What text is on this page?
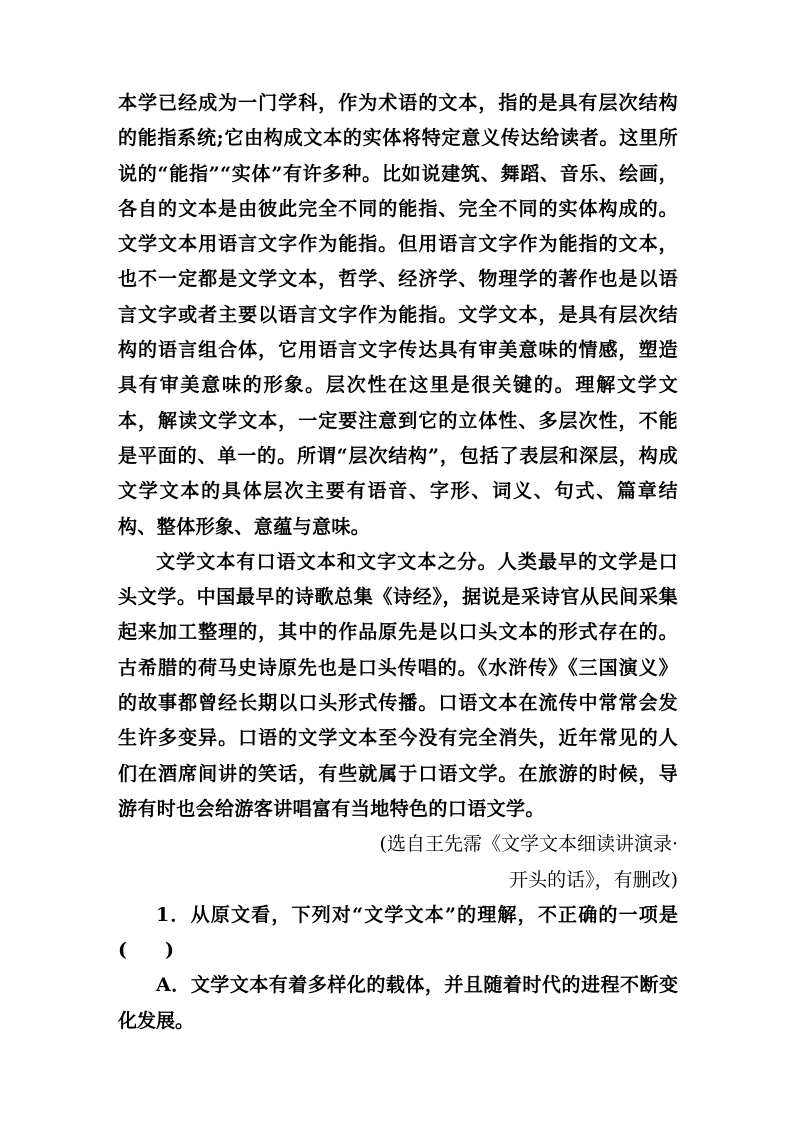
本学已经成为一门学科，作为术语的文本，指的是具有层次结构的能指系统;它由构成文本的实体将特定意义传达给读者。这里所说的“能指”“实体”有许多种。比如说建筑、舞蹈、音乐、绘画，各自的文本是由彼此完全不同的能指、完全不同的实体构成的。文学文本用语言文字作为能指。但用语言文字作为能指的文本，也不一定都是文学文本，哲学、经济学、物理学的著作也是以语言文字或者主要以语言文字作为能指。文学文本，是具有层次结构的语言组合体，它用语言文字传达具有审美意味的情感，塑造具有审美意味的形象。层次性在这里是很关键的。理解文学文本，解读文学文本，一定要注意到它的立体性、多层次性，不能是平面的、单一的。所谓“层次结构”，包括了表层和深层，构成文学文本的具体层次主要有语音、字形、词义、句式、篇章结构、整体形象、意蕴与意味。

文学文本有口语文本和文字文本之分。人类最早的文学是口头文学。中国最早的诗歌总集《诗经》，据说是采诗官从民间采集起来加工整理的，其中的作品原先是以口头文本的形式存在的。古希腊的荷马史诗原先也是口头传唱的。《水浒传》《三国演义》的故事都曾经长期以口头形式传播。口语文本在流传中常常会发生许多变异。口语的文学文本至今没有完全消失，近年常见的人们在酒席间讲的笑话，有些就属于口语文学。在旅游的时候，导游有时也会给游客讲唱富有当地特色的口语文学。

(选自王先霈《文学文本细读讲演录·

开头的话》，有删改)

1．从原文看，下列对“文学文本”的理解，不正确的一项是(　　)

A．文学文本有着多样化的载体，并且随着时代的进程不断变化发展。
